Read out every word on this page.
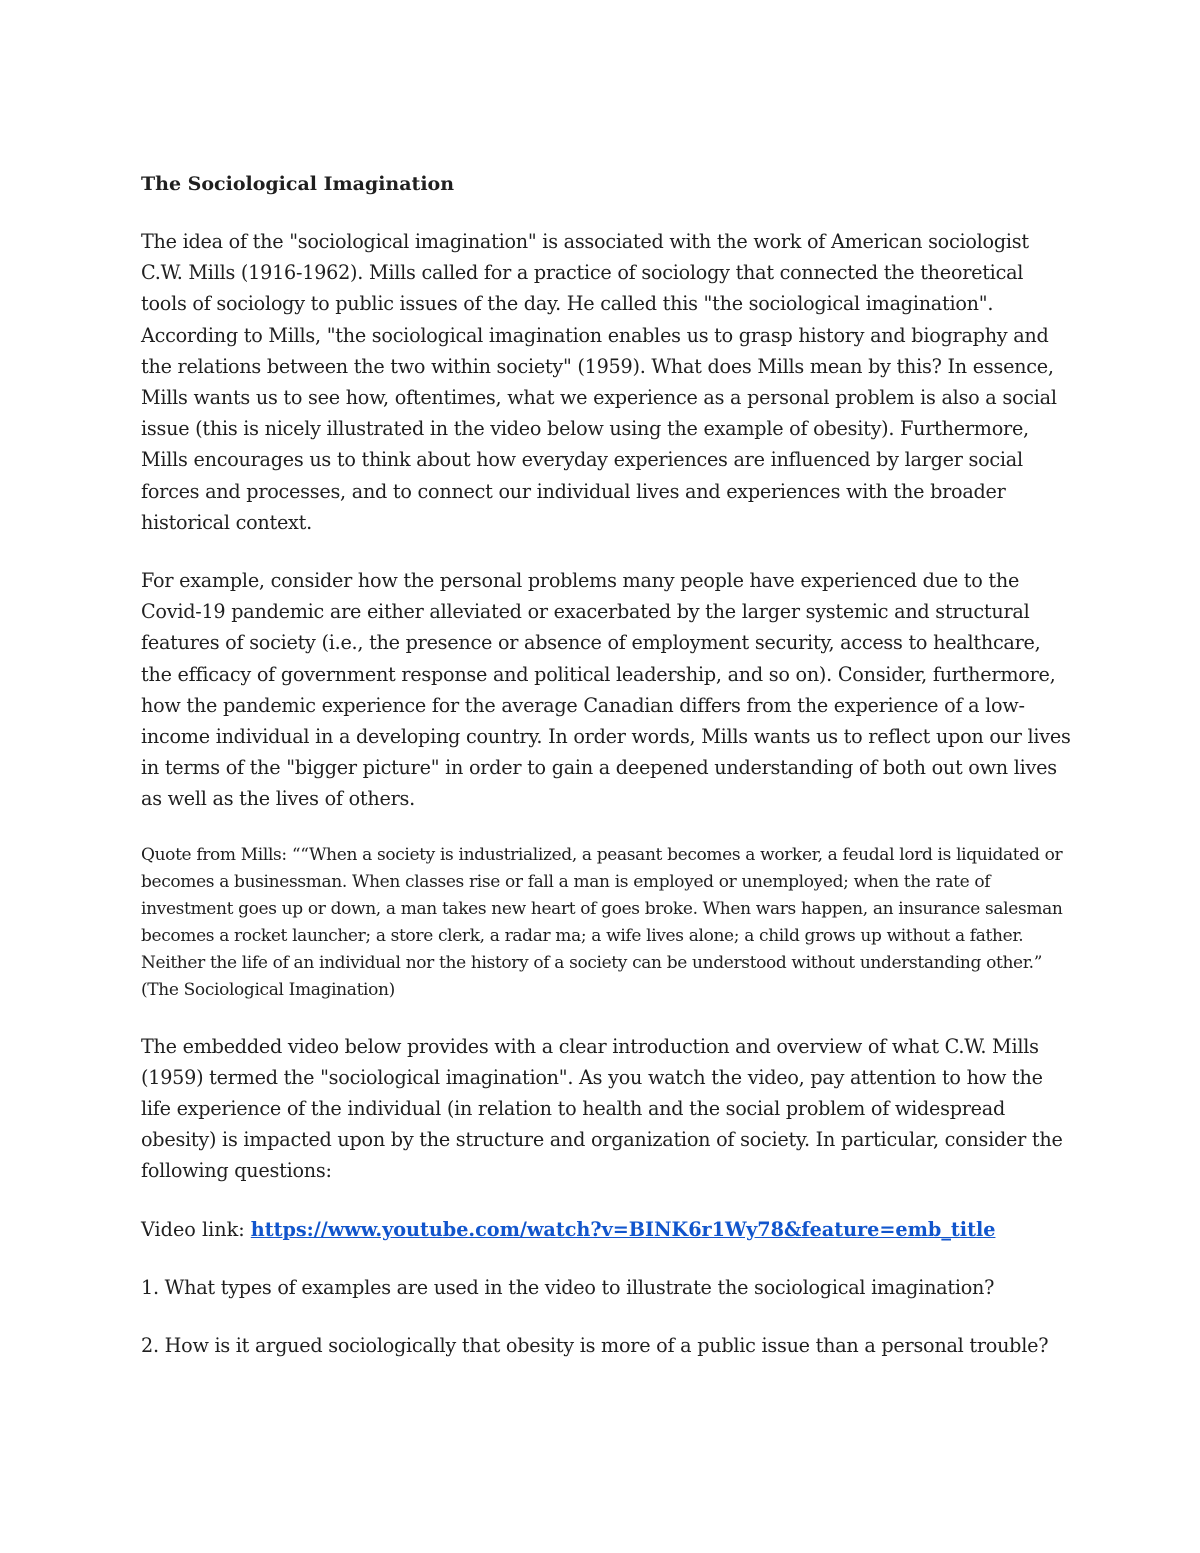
The Sociological Imagination

The idea of the "sociological imagination" is associated with the work of American sociologist C.W. Mills (1916-1962). Mills called for a practice of sociology that connected the theoretical tools of sociology to public issues of the day. He called this "the sociological imagination". According to Mills, "the sociological imagination enables us to grasp history and biography and the relations between the two within society" (1959). What does Mills mean by this? In essence, Mills wants us to see how, oftentimes, what we experience as a personal problem is also a social issue (this is nicely illustrated in the video below using the example of obesity). Furthermore, Mills encourages us to think about how everyday experiences are influenced by larger social forces and processes, and to connect our individual lives and experiences with the broader historical context.

For example, consider how the personal problems many people have experienced due to the Covid-19 pandemic are either alleviated or exacerbated by the larger systemic and structural features of society (i.e., the presence or absence of employment security, access to healthcare, the efficacy of government response and political leadership, and so on). Consider, furthermore, how the pandemic experience for the average Canadian differs from the experience of a low-income individual in a developing country. In order words, Mills wants us to reflect upon our lives in terms of the "bigger picture" in order to gain a deepened understanding of both out own lives as well as the lives of others.

Quote from Mills: ““When a society is industrialized, a peasant becomes a worker, a feudal lord is liquidated or becomes a businessman. When classes rise or fall a man is employed or unemployed; when the rate of investment goes up or down, a man takes new heart of goes broke. When wars happen, an insurance salesman becomes a rocket launcher; a store clerk, a radar ma; a wife lives alone; a child grows up without a father. Neither the life of an individual nor the history of a society can be understood without understanding other.” (The Sociological Imagination)

The embedded video below provides with a clear introduction and overview of what C.W. Mills (1959) termed the "sociological imagination". As you watch the video, pay attention to how the life experience of the individual (in relation to health and the social problem of widespread obesity) is impacted upon by the structure and organization of society. In particular, consider the following questions:

Video link: https://www.youtube.com/watch?v=BINK6r1Wy78&feature=emb_title

1. What types of examples are used in the video to illustrate the sociological imagination?

2. How is it argued sociologically that obesity is more of a public issue than a personal trouble?
